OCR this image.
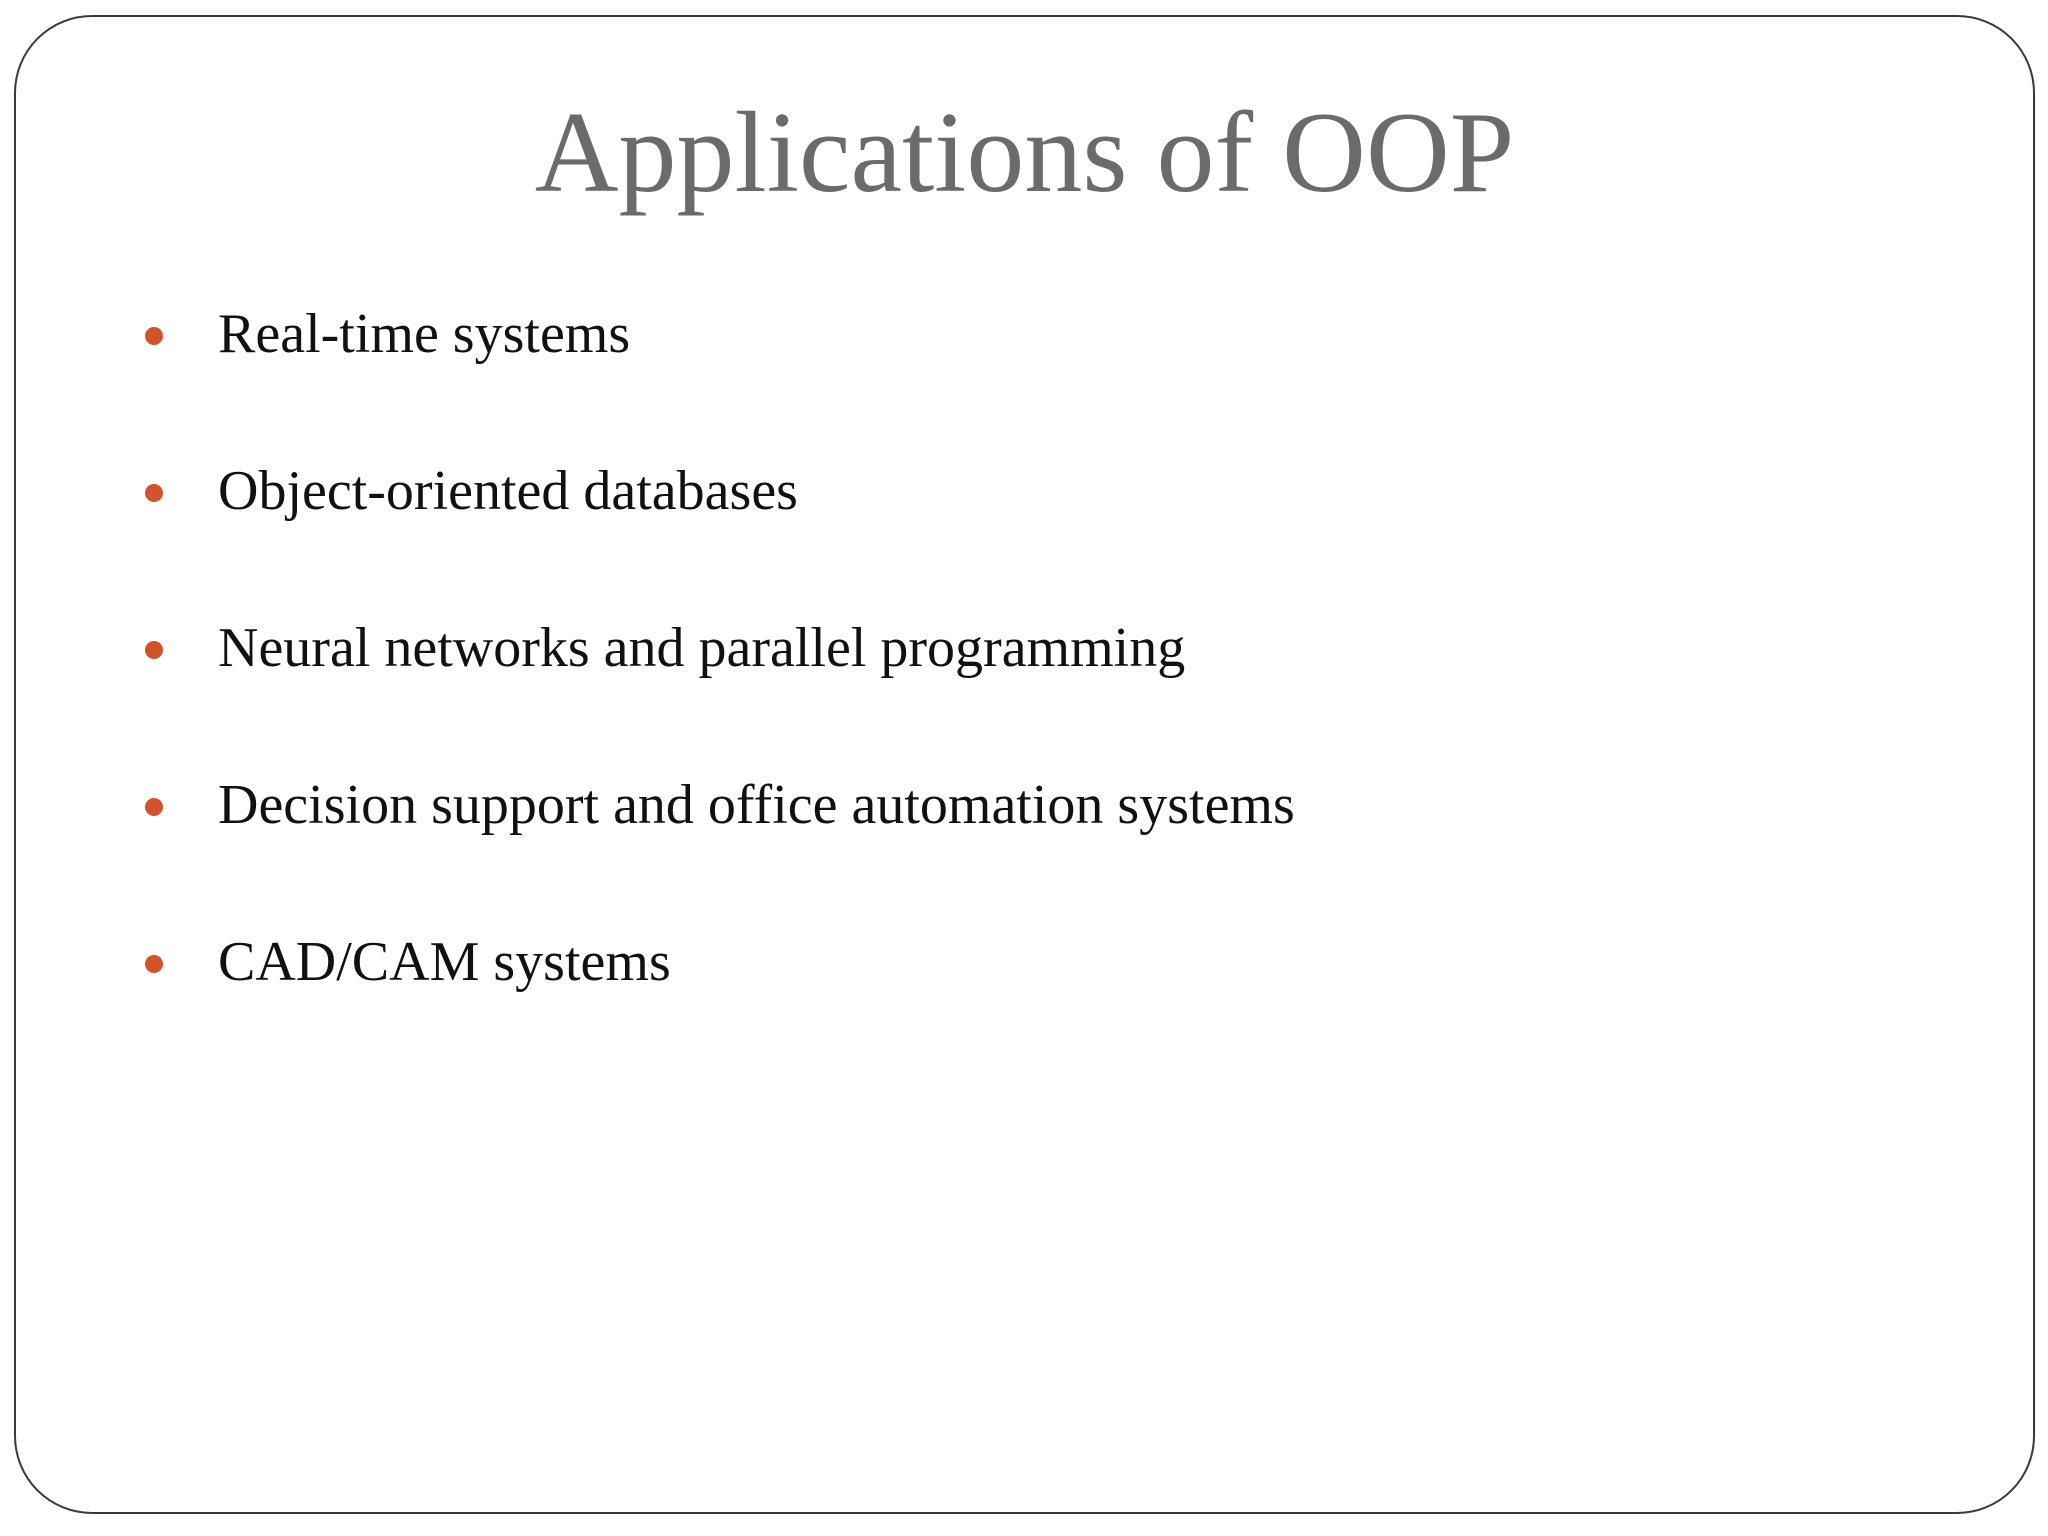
Applications of OOP
Real-time systems
Object-oriented databases
Neural networks and parallel programming
Decision support and office automation systems
CAD/CAM systems
